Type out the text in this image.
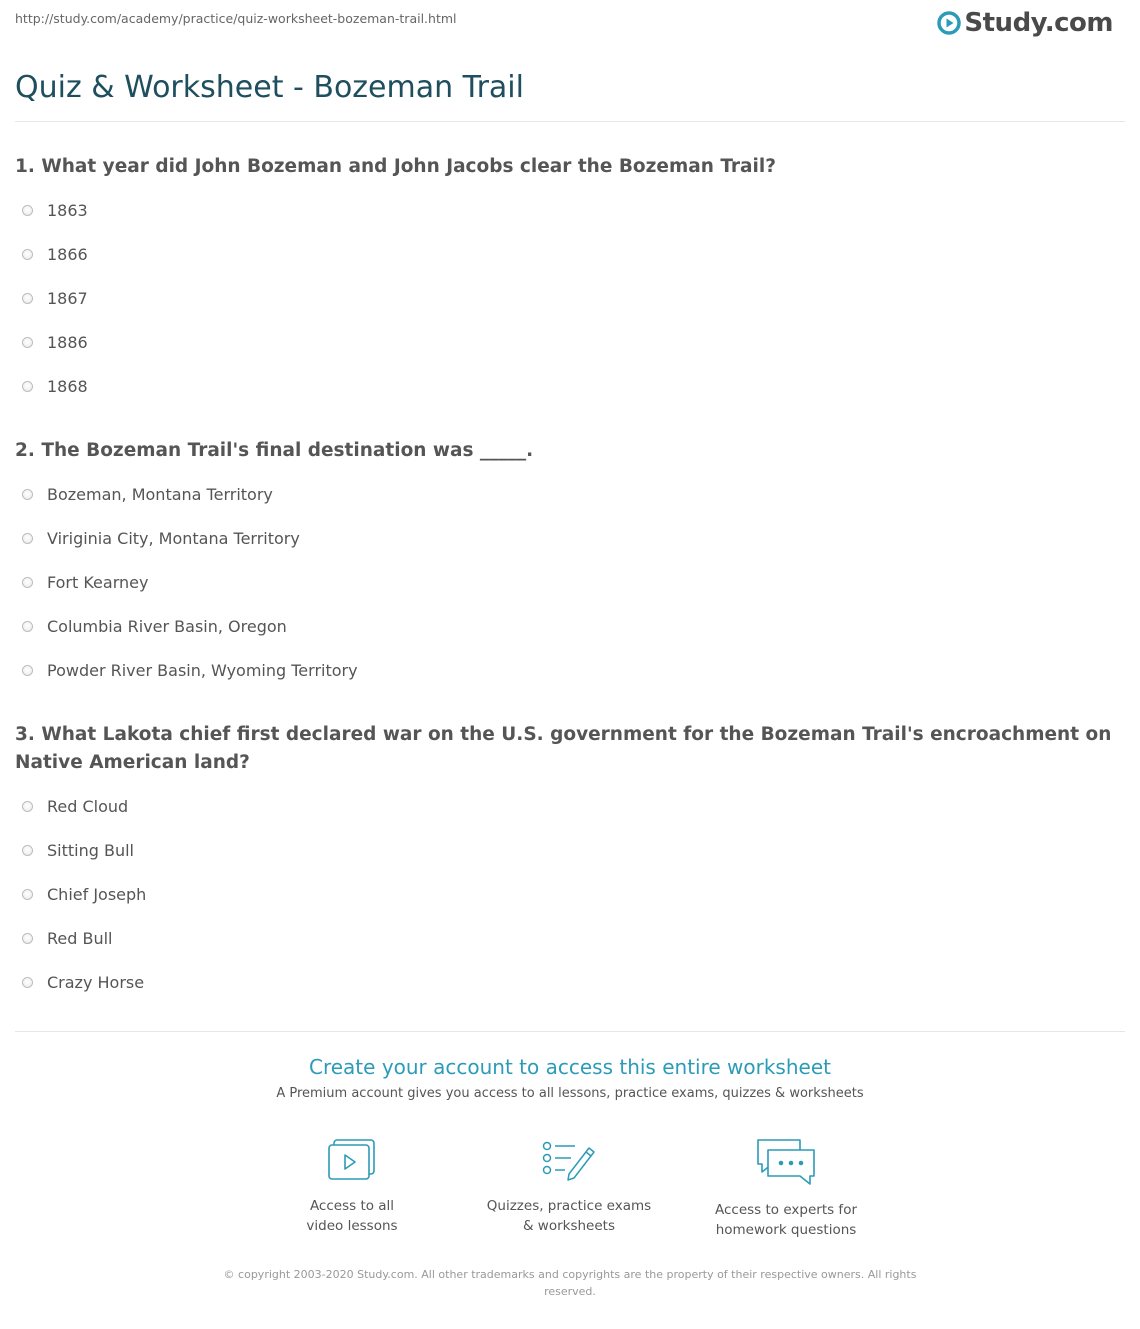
http://study.com/academy/practice/quiz-worksheet-bozeman-trail.html	Study.com
Quiz & Worksheet - Bozeman Trail
1. What year did John Bozeman and John Jacobs clear the Bozeman Trail?
1863
1866
1867
1886
1868
2. The Bozeman Trail's final destination was _____.
Bozeman, Montana Territory
Viriginia City, Montana Territory
Fort Kearney
Columbia River Basin, Oregon
Powder River Basin, Wyoming Territory
3. What Lakota chief first declared war on the U.S. government for the Bozeman Trail's encroachment on Native American land?
Red Cloud
Sitting Bull
Chief Joseph
Red Bull
Crazy Horse
Create your account to access this entire worksheet
A Premium account gives you access to all lessons, practice exams, quizzes & worksheets
Access to all
video lessons
Quizzes, practice exams
& worksheets
Access to experts for
homework questions
© copyright 2003-2020 Study.com. All other trademarks and copyrights are the property of their respective owners. All rights reserved.
